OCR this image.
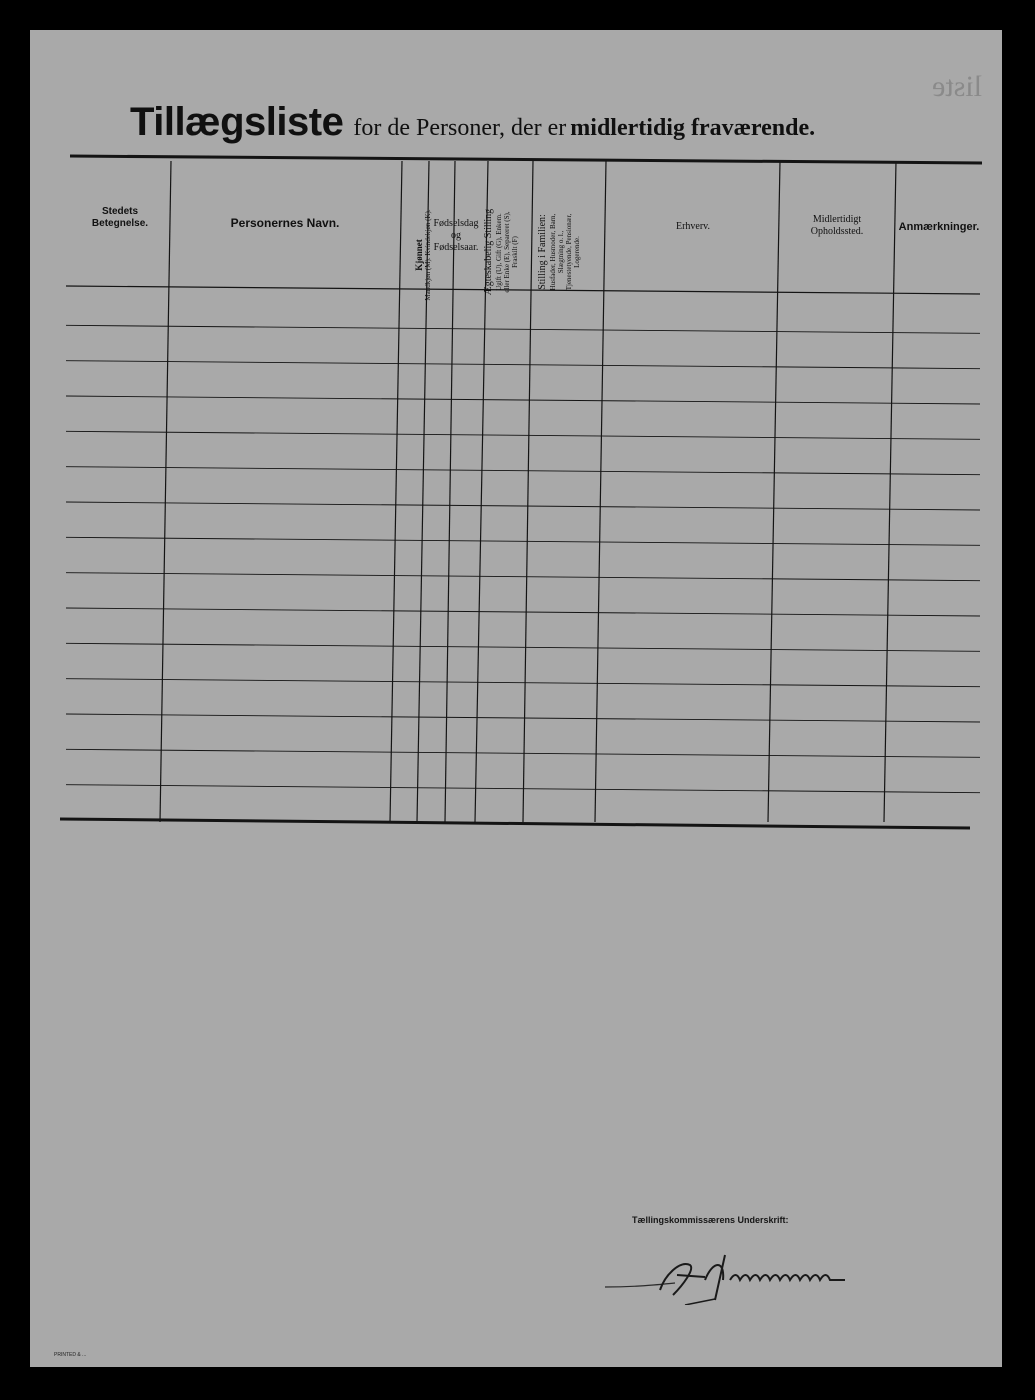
liste
Tillægsliste for de Personer, der er midlertidig fraværende.
Stedets
Betegnelse.	Personernes Navn.
Kjønnet Mandkjøn (M). Kvindekjøn (K). Fødselsdag
og
Fødselsaar. Ægteskabelig Stilling Ugift (U), Gift (G), Enkem. eller Enke (E), Separeret (S), Fraskilt (F) Stilling i Familien: Husfader, Husmoder, Barn, Slægtning o. l., Tjenestetyende, Pensionær, Logerende.
Erhverv.
Midlertidigt
Opholdssted.	Anmærkninger.
Tællingskommissærens Underskrift:
PRINTED & ...
